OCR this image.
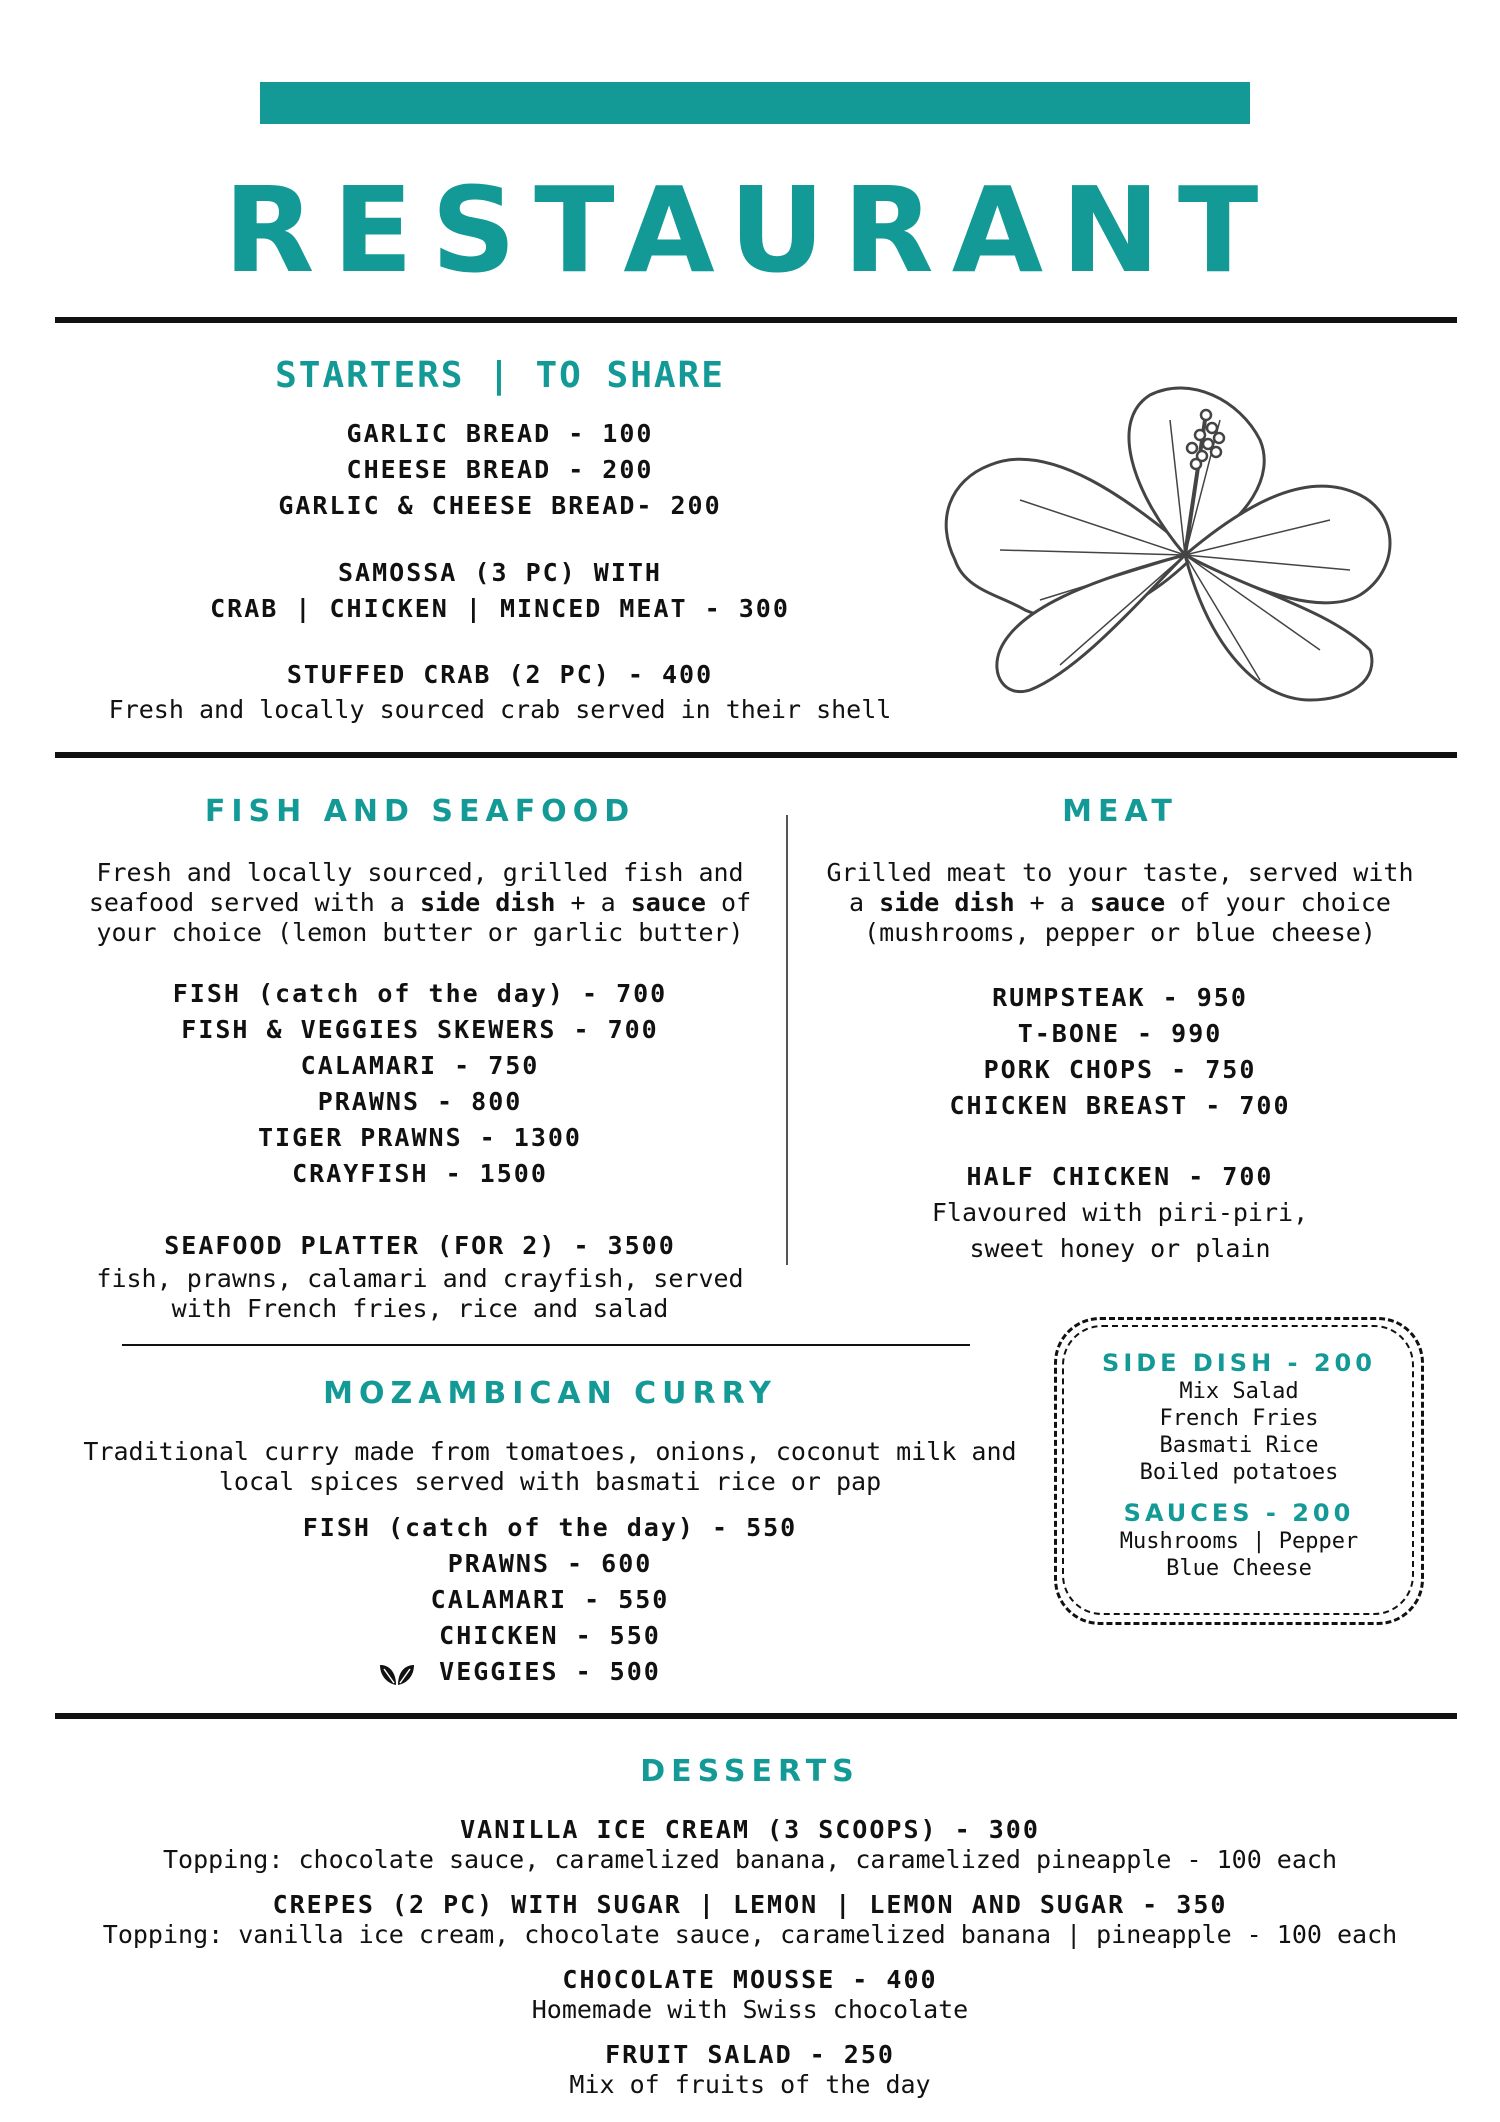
RESTAURANT
STARTERS | TO SHARE
GARLIC BREAD - 100
CHEESE BREAD - 200
GARLIC & CHEESE BREAD- 200
SAMOSSA (3 PC) WITH
CRAB | CHICKEN | MINCED MEAT - 300
STUFFED CRAB (2 PC) - 400
Fresh and locally sourced crab served in their shell
FISH AND SEAFOOD
Fresh and locally sourced, grilled fish and
seafood served with a side dish + a sauce of
your choice (lemon butter or garlic butter)
FISH (catch of the day) - 700
FISH & VEGGIES SKEWERS - 700
CALAMARI - 750
PRAWNS - 800
TIGER PRAWNS - 1300
CRAYFISH - 1500
SEAFOOD PLATTER (FOR 2) - 3500
fish, prawns, calamari and crayfish, served
with French fries, rice and salad
MEAT
Grilled meat to your taste, served with
a side dish + a sauce of your choice
(mushrooms, pepper or blue cheese)
RUMPSTEAK - 950
T-BONE - 990
PORK CHOPS - 750
CHICKEN BREAST - 700
HALF CHICKEN - 700
Flavoured with piri-piri,
sweet honey or plain
MOZAMBICAN CURRY
Traditional curry made from tomatoes, onions, coconut milk and
local spices served with basmati rice or pap
FISH (catch of the day) - 550
PRAWNS - 600
CALAMARI - 550
CHICKEN - 550
VEGGIES - 500
SIDE DISH - 200
Mix Salad
French Fries
Basmati Rice
Boiled potatoes
SAUCES - 200
Mushrooms | Pepper
Blue Cheese
DESSERTS
VANILLA ICE CREAM (3 SCOOPS) - 300
Topping: chocolate sauce, caramelized banana, caramelized pineapple - 100 each
CREPES (2 PC) WITH SUGAR | LEMON | LEMON AND SUGAR - 350
Topping: vanilla ice cream, chocolate sauce, caramelized banana | pineapple - 100 each
CHOCOLATE MOUSSE - 400
Homemade with Swiss chocolate
FRUIT SALAD - 250
Mix of fruits of the day
